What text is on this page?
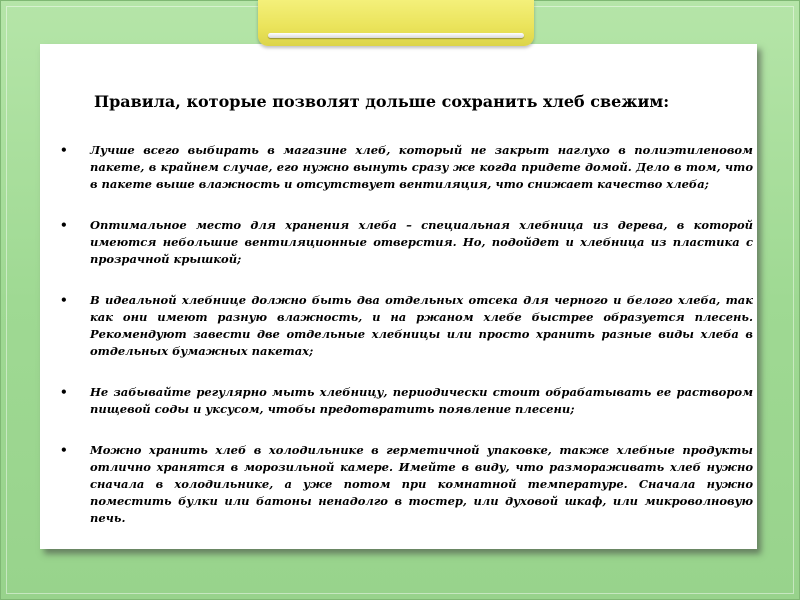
Правила, которые позволят дольше сохранить хлеб свежим:
• Лучше всего выбирать в магазине хлеб, который не закрыт наглухо в полиэтиленовом пакете, в крайнем случае, его нужно вынуть сразу же когда придете домой. Дело в том, что в пакете выше влажность и отсутствует вентиляция, что снижает качество хлеба;
• Оптимальное место для хранения хлеба – специальная хлебница из дерева, в которой имеются небольшие вентиляционные отверстия. Но, подойдет и хлебница из пластика с прозрачной крышкой;
• В идеальной хлебнице должно быть два отдельных отсека для черного и белого хлеба, так как они имеют разную влажность, и на ржаном хлебе быстрее образуется плесень. Рекомендуют завести две отдельные хлебницы или просто хранить разные виды хлеба в отдельных бумажных пакетах;
• Не забывайте регулярно мыть хлебницу, периодически стоит обрабатывать ее раствором пищевой соды и уксусом, чтобы предотвратить появление плесени;
• Можно хранить хлеб в холодильнике в герметичной упаковке, также хлебные продукты отлично хранятся в морозильной камере. Имейте в виду, что размораживать хлеб нужно сначала в холодильнике, а уже потом при комнатной температуре. Сначала нужно поместить булки или батоны ненадолго в тостер, или духовой шкаф, или микроволновую печь.
